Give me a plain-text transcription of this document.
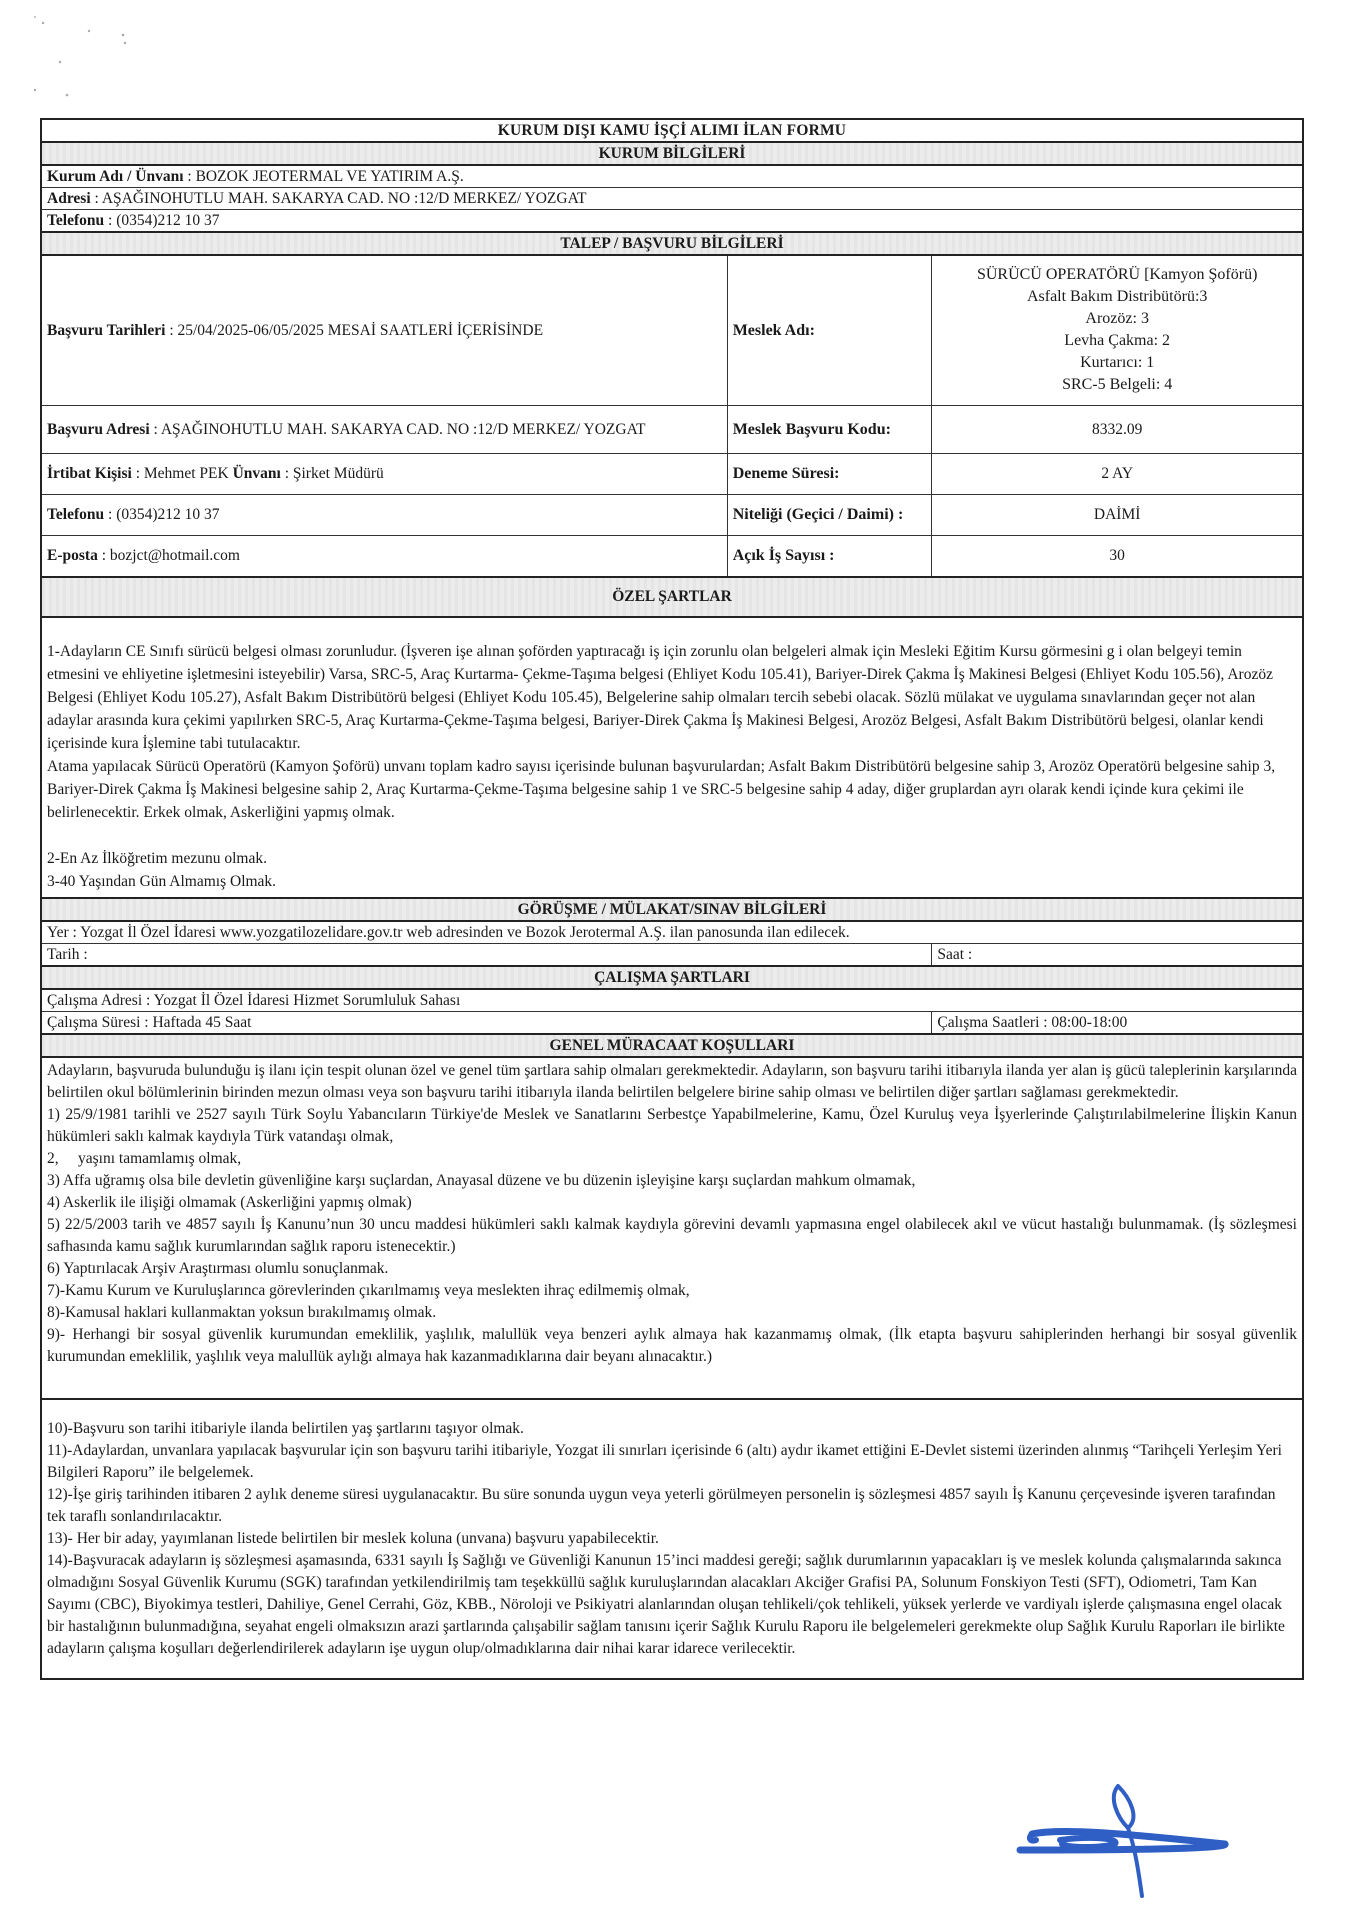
KURUM DIŞI KAMU İŞÇİ ALIMI İLAN FORMU		
KURUM BİLGİLERİ		
Kurum Adı / Ünvanı : BOZOK JEOTERMAL VE YATIRIM A.Ş.		
Adresi : AŞAĞINOHUTLU MAH. SAKARYA CAD. NO :12/D MERKEZ/ YOZGAT		
Telefonu : (0354)212 10 37		
TALEP / BAŞVURU BİLGİLERİ		
Başvuru Tarihleri : 25/04/2025-06/05/2025 MESAİ SAATLERİ İÇERİSİNDE	Meslek Adı:	
SÜRÜCÜ OPERATÖRÜ [Kamyon Şoförü)
Asfalt Bakım Distribütörü:3
Arozöz: 3
Levha Çakma: 2
Kurtarıcı: 1
SRC-5 Belgeli: 4

Başvuru Adresi : AŞAĞINOHUTLU MAH. SAKARYA CAD. NO :12/D MERKEZ/ YOZGAT	Meslek Başvuru Kodu:	8332.09
İrtibat Kişisi : Mehmet PEK Ünvanı : Şirket Müdürü	Deneme Süresi:	2 AY
Telefonu : (0354)212 10 37	Niteliği (Geçici / Daimi) :	DAİMİ
E-posta : bozjct@hotmail.com	Açık İş Sayısı :	30
ÖZEL ŞARTLAR		

1-Adayların CE Sınıfı sürücü belgesi olması zorunludur. (İşveren işe alınan şoförden yaptıracağı iş için zorunlu olan belgeleri almak için Mesleki Eğitim Kursu görmesini g i olan belgeyi temin etmesini ve ehliyetine işletmesini isteyebilir) Varsa, SRC-5, Araç Kurtarma- Çekme-Taşıma belgesi (Ehliyet Kodu 105.41), Bariyer-Direk Çakma İş Makinesi Belgesi (Ehliyet Kodu 105.56), Arozöz Belgesi (Ehliyet Kodu 105.27), Asfalt Bakım Distribütörü belgesi (Ehliyet Kodu 105.45), Belgelerine sahip olmaları tercih sebebi olacak. Sözlü mülakat ve uygulama sınavlarından geçer not alan adaylar arasında kura çekimi yapılırken SRC-5, Araç Kurtarma-Çekme-Taşıma belgesi, Bariyer-Direk Çakma İş Makinesi Belgesi, Arozöz Belgesi, Asfalt Bakım Distribütörü belgesi, olanlar kendi içerisinde kura İşlemine tabi tutulacaktır.

Atama yapılacak Sürücü Operatörü (Kamyon Şoförü) unvanı toplam kadro sayısı içerisinde bulunan başvurulardan; Asfalt Bakım Distribütörü belgesine sahip 3, Arozöz Operatörü belgesine sahip 3, Bariyer-Direk Çakma İş Makinesi belgesine sahip 2, Araç Kurtarma-Çekme-Taşıma belgesine sahip 1 ve SRC-5 belgesine sahip 4 aday, diğer gruplardan ayrı olarak kendi içinde kura çekimi ile belirlenecektir. Erkek olmak, Askerliğini yapmış olmak.

2-En Az İlköğretim mezunu olmak.

3-40 Yaşından Gün Almamış Olmak.		

GÖRÜŞME / MÜLAKAT/SINAV BİLGİLERİ		
Yer : Yozgat İl Özel İdaresi www.yozgatilozelidare.gov.tr web adresinden ve Bozok Jerotermal A.Ş. ilan panosunda ilan edilecek.		
Tarih :		Saat :
ÇALIŞMA ŞARTLARI		
Çalışma Adresi : Yozgat İl Özel İdaresi Hizmet Sorumluluk Sahası		
Çalışma Süresi : Haftada 45 Saat		Çalışma Saatleri : 08:00-18:00
GENEL MÜRACAAT KOŞULLARI		

Adayların, başvuruda bulunduğu iş ilanı için tespit olunan özel ve genel tüm şartlara sahip olmaları gerekmektedir. Adayların, son başvuru tarihi itibarıyla ilanda yer alan iş gücü taleplerinin karşılarında belirtilen okul bölümlerinin birinden mezun olması veya son başvuru tarihi itibarıyla ilanda belirtilen belgelere birine sahip olması ve belirtilen diğer şartları sağlaması gerekmektedir.

1) 25/9/1981 tarihli ve 2527 sayılı Türk Soylu Yabancıların Türkiye'de Meslek ve Sanatlarını Serbestçe Yapabilmelerine, Kamu, Özel Kuruluş veya İşyerlerinde Çalıştırılabilmelerine İlişkin Kanun hükümleri saklı kalmak kaydıyla Türk vatandaşı olmak,

2,     yaşını tamamlamış olmak,

3) Affa uğramış olsa bile devletin güvenliğine karşı suçlardan, Anayasal düzene ve bu düzenin işleyişine karşı suçlardan mahkum olmamak,

4) Askerlik ile ilişiği olmamak (Askerliğini yapmış olmak)

5) 22/5/2003 tarih ve 4857 sayılı İş Kanunu’nun 30 uncu maddesi hükümleri saklı kalmak kaydıyla görevini devamlı yapmasına engel olabilecek akıl ve vücut hastalığı bulunmamak. (İş sözleşmesi safhasında kamu sağlık kurumlarından sağlık raporu istenecektir.)

6) Yaptırılacak Arşiv Araştırması olumlu sonuçlanmak.

7)-Kamu Kurum ve Kuruluşlarınca görevlerinden çıkarılmamış veya meslekten ihraç edilmemiş olmak,

8)-Kamusal haklari kullanmaktan yoksun bırakılmamış olmak.

9)- Herhangi bir sosyal güvenlik kurumundan emeklilik, yaşlılık, malullük veya benzeri aylık almaya hak kazanmamış olmak, (İlk etapta başvuru sahiplerinden herhangi bir sosyal güvenlik kurumundan emeklilik, yaşlılık veya malullük aylığı almaya hak kazanmadıklarına dair beyanı alınacaktır.)

10)-Başvuru son tarihi itibariyle ilanda belirtilen yaş şartlarını taşıyor olmak.

11)-Adaylardan, unvanlara yapılacak başvurular için son başvuru tarihi itibariyle, Yozgat ili sınırları içerisinde 6 (altı) aydır ikamet ettiğini E-Devlet sistemi üzerinden alınmış “Tarihçeli Yerleşim Yeri Bilgileri Raporu” ile belgelemek.

12)-İşe giriş tarihinden itibaren 2 aylık deneme süresi uygulanacaktır. Bu süre sonunda uygun veya yeterli görülmeyen personelin iş sözleşmesi 4857 sayılı İş Kanunu çerçevesinde işveren tarafından tek taraflı sonlandırılacaktır.

13)- Her bir aday, yayımlanan listede belirtilen bir meslek koluna (unvana) başvuru yapabilecektir.

14)-Başvuracak adayların iş sözleşmesi aşamasında, 6331 sayılı İş Sağlığı ve Güvenliği Kanunun 15’inci maddesi gereği; sağlık durumlarının yapacakları iş ve meslek kolunda çalışmalarında sakınca olmadığını Sosyal Güvenlik Kurumu (SGK) tarafından yetkilendirilmiş tam teşekküllü sağlık kuruluşlarından alacakları Akciğer Grafisi PA, Solunum Fonskiyon Testi (SFT), Odiometri, Tam Kan Sayımı (CBC), Biyokimya testleri, Dahiliye, Genel Cerrahi, Göz, KBB., Nöroloji ve Psikiyatri alanlarından oluşan tehlikeli/çok tehlikeli, yüksek yerlerde ve vardiyalı işlerde çalışmasına engel olacak bir hastalığının bulunmadığına, seyahat engeli olmaksızın arazi şartlarında çalışabilir sağlam tanısını içerir Sağlık Kurulu Raporu ile belgelemeleri gerekmekte olup Sağlık Kurulu Raporları ile birlikte adayların çalışma koşulları değerlendirilerek adayların işe uygun olup/olmadıklarına dair nihai karar idarece verilecektir.		
